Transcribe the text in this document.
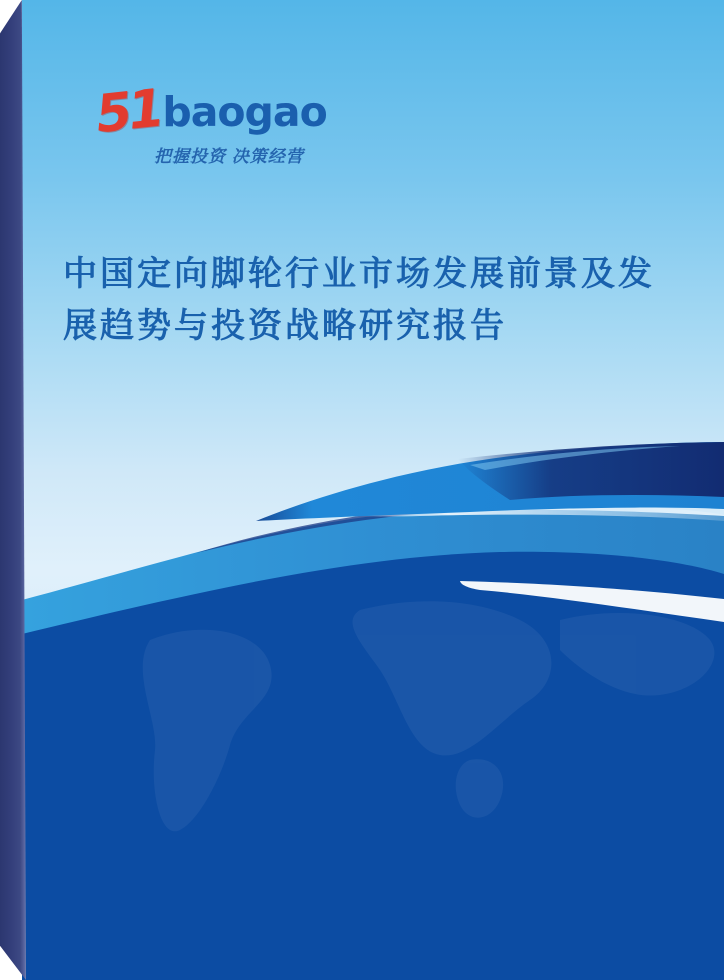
51 baogao
把握投资 决策经营
中国定向脚轮行业市场发展前景及发
展趋势与投资战略研究报告
